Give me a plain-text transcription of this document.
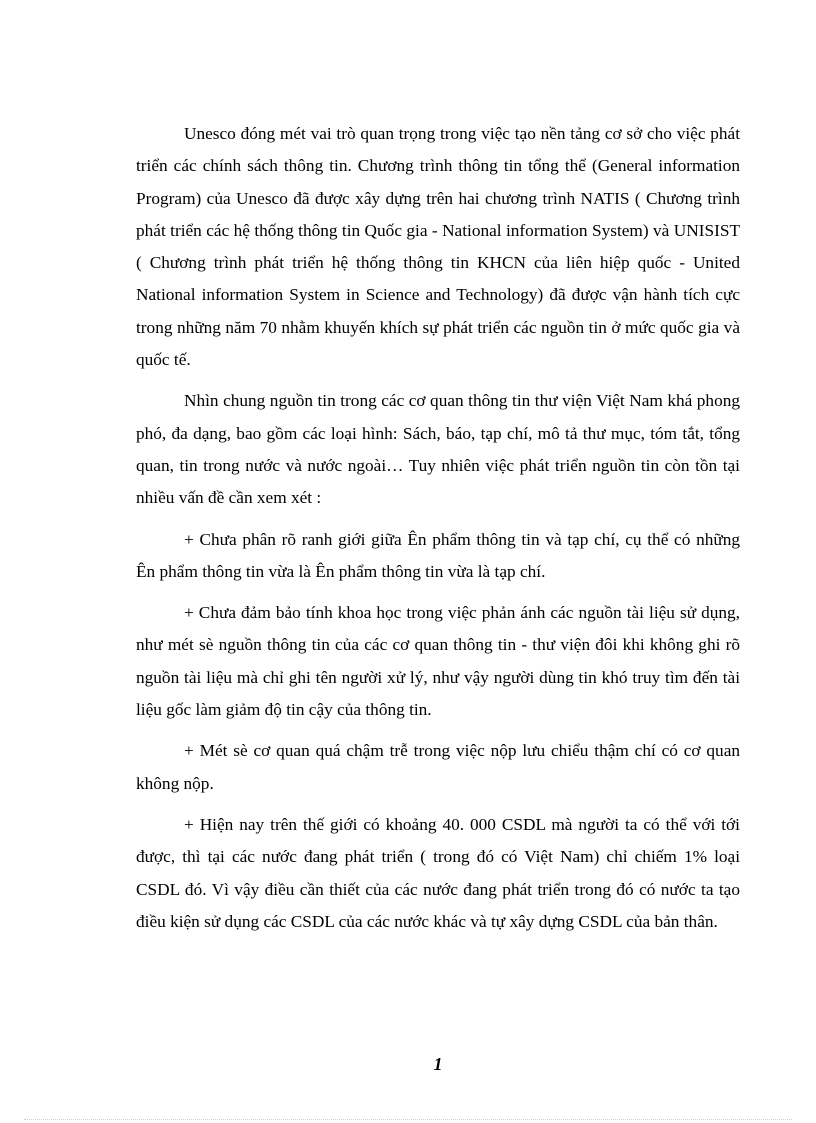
Unesco đóng mét vai trò quan trọng trong việc tạo nền tảng cơ sở cho việc phát triển các chính sách thông tin. Chương trình thông tin tổng thể (General information Program) của Unesco đã được xây dựng trên hai chương trình NATIS ( Chương trình phát triển các hệ thống thông tin Quốc gia - National information System) và UNISIST ( Chương trình phát triển hệ thống thông tin KHCN của liên hiệp quốc - United National information System in Science and Technology) đã được vận hành tích cực trong những năm 70 nhằm khuyến khích sự phát triển các nguồn tin ở mức quốc gia và quốc tế.

Nhìn chung nguồn tin trong các cơ quan thông tin thư viện Việt Nam khá phong phó, đa dạng, bao gồm các loại hình: Sách, báo, tạp chí, mô tả thư mục, tóm tắt, tổng quan, tin trong nước và nước ngoài… Tuy nhiên việc phát triển nguồn tin còn tồn tại nhiều vấn đề cần xem xét :

+ Chưa phân rõ ranh giới giữa Ên phẩm thông tin và tạp chí, cụ thể có những Ên phẩm thông tin vừa là Ên phẩm thông tin vừa là tạp chí.

+ Chưa đảm bảo tính khoa học trong việc phản ánh các nguồn tài liệu sử dụng, như mét sè nguồn thông tin của các cơ quan thông tin - thư viện đôi khi không ghi rõ nguồn tài liệu mà chỉ ghi tên người xử lý, như vậy người dùng tin khó truy tìm đến tài liệu gốc làm giảm độ tin cậy của thông tin.

+ Mét sè cơ quan quá chậm trễ trong việc nộp lưu chiểu thậm chí có cơ quan không nộp.

+ Hiện nay trên thế giới có khoảng 40. 000 CSDL mà người ta có thể với tới được, thì tại các nước đang phát triển ( trong đó có Việt Nam) chỉ chiếm 1% loại CSDL đó. Vì vậy điều cần thiết của các nước đang phát triển trong đó có nước ta tạo điều kiện sử dụng các CSDL của các nước khác và tự xây dựng CSDL của bản thân.

1
